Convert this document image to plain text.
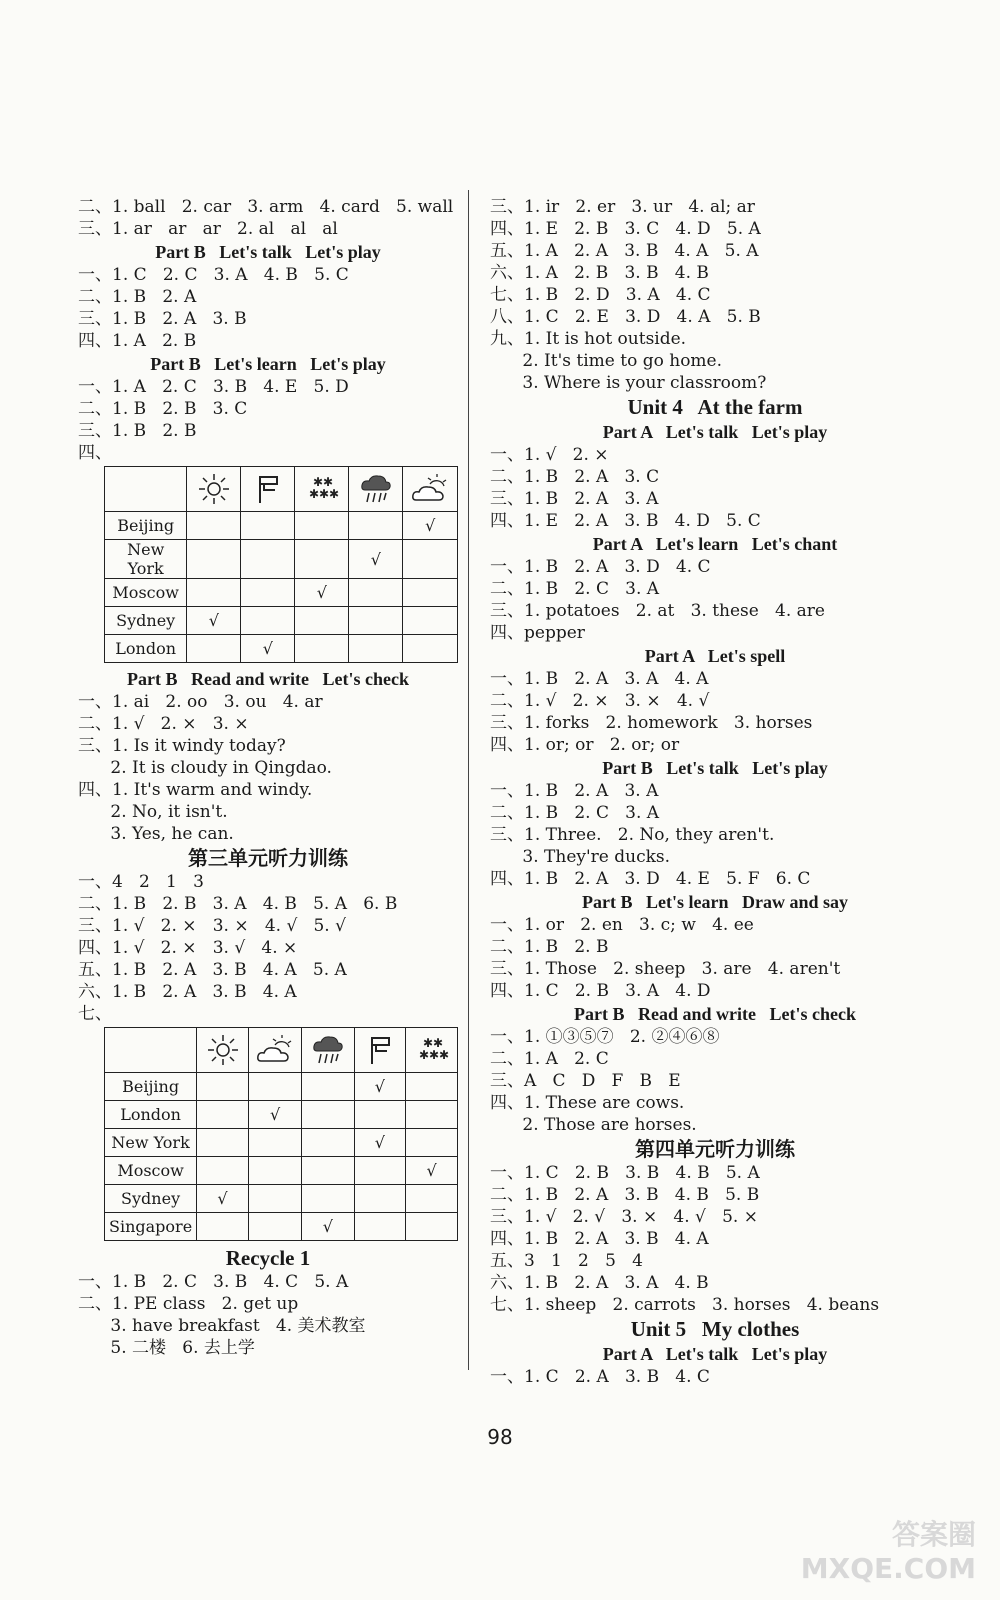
二、1. ball   2. car   3. arm   4. card   5. wall
三、1. ar   ar   ar   2. al   al   al
Part B   Let's talk   Let's play
一、1. C   2. C   3. A   4. B   5. C
二、1. B   2. A
三、1. B   2. A   3. B
四、1. A   2. B
Part B   Let's learn   Let's play
一、1. A   2. C   3. B   4. E   5. D
二、1. B   2. B   3. C
三、1. B   2. B
四、

✱ ✱
✱ ✱ ✱

Beijing					√
New York				√	
Moscow			√		
Sydney	√				
London		√			
Part B   Read and write   Let's check
一、1. ai   2. oo   3. ou   4. ar
二、1. √   2. ×   3. ×
三、1. Is it windy today?
2. It is cloudy in Qingdao.
四、1. It's warm and windy.
2. No, it isn't.
3. Yes, he can.
第三单元听力训练
一、4   2   1   3
二、1. B   2. B   3. A   4. B   5. A   6. B
三、1. √   2. ×   3. ×   4. √   5. √
四、1. √   2. ×   3. √   4. ×
五、1. B   2. A   3. B   4. A   5. A
六、1. B   2. A   3. B   4. A
七、

✱ ✱
✱ ✱ ✱

Beijing				√	
London		√			
New York				√	
Moscow					√
Sydney	√				
Singapore			√		
Recycle 1
一、1. B   2. C   3. B   4. C   5. A
二、1. PE class   2. get up
3. have breakfast   4. 美术教室
5. 二楼   6. 去上学
三、1. ir   2. er   3. ur   4. al; ar
四、1. E   2. B   3. C   4. D   5. A
五、1. A   2. A   3. B   4. A   5. A
六、1. A   2. B   3. B   4. B
七、1. B   2. D   3. A   4. C
八、1. C   2. E   3. D   4. A   5. B
九、1. It is hot outside.
2. It's time to go home.
3. Where is your classroom?
Unit 4   At the farm
Part A   Let's talk   Let's play
一、1. √   2. ×
二、1. B   2. A   3. C
三、1. B   2. A   3. A
四、1. E   2. A   3. B   4. D   5. C
Part A   Let's learn   Let's chant
一、1. B   2. A   3. D   4. C
二、1. B   2. C   3. A
三、1. potatoes   2. at   3. these   4. are
四、pepper
Part A   Let's spell
一、1. B   2. A   3. A   4. A
二、1. √   2. ×   3. ×   4. √
三、1. forks   2. homework   3. horses
四、1. or; or   2. or; or
Part B   Let's talk   Let's play
一、1. B   2. A   3. A
二、1. B   2. C   3. A
三、1. Three.   2. No, they aren't.
3. They're ducks.
四、1. B   2. A   3. D   4. E   5. F   6. C
Part B   Let's learn   Draw and say
一、1. or   2. en   3. c; w   4. ee
二、1. B   2. B
三、1. Those   2. sheep   3. are   4. aren't
四、1. C   2. B   3. A   4. D
Part B   Read and write   Let's check
一、1. ①③⑤⑦   2. ②④⑥⑧
二、1. A   2. C
三、A   C   D   F   B   E
四、1. These are cows.
2. Those are horses.
第四单元听力训练
一、1. C   2. B   3. B   4. B   5. A
二、1. B   2. A   3. B   4. B   5. B
三、1. √   2. √   3. ×   4. √   5. ×
四、1. B   2. A   3. B   4. A
五、3   1   2   5   4
六、1. B   2. A   3. A   4. B
七、1. sheep   2. carrots   3. horses   4. beans
Unit 5   My clothes
Part A   Let's talk   Let's play
一、1. C   2. A   3. B   4. C
98
答案圈
MXQE.COM
